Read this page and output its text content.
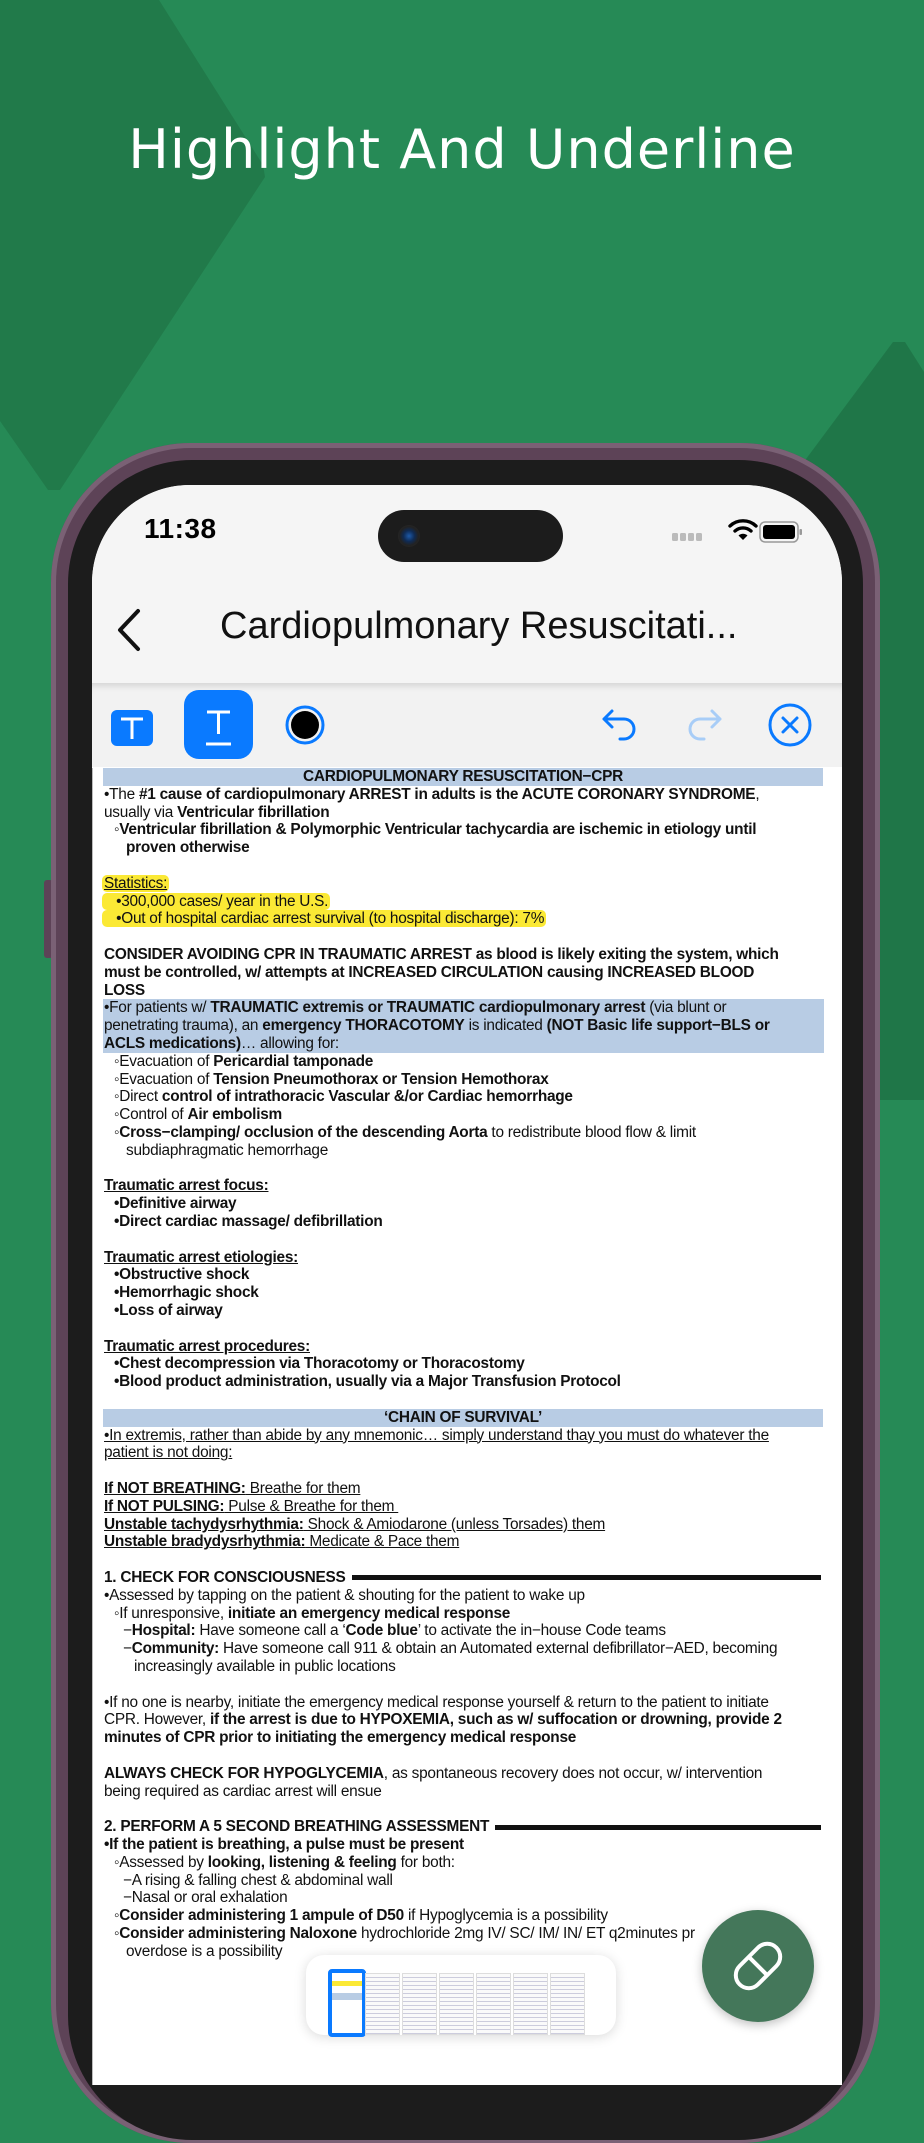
Highlight And Underline
11:38
Cardiopulmonary Resuscitati...
CARDIOPULMONARY RESUSCITATION−CPR
•The #1 cause of cardiopulmonary ARREST in adults is the ACUTE CORONARY SYNDROME,
usually via Ventricular fibrillation
◦Ventricular fibrillation & Polymorphic Ventricular tachycardia are ischemic in etiology until
proven otherwise
Statistics:
•300,000 cases/ year in the U.S.
•Out of hospital cardiac arrest survival (to hospital discharge): 7%
CONSIDER AVOIDING CPR IN TRAUMATIC ARREST as blood is likely exiting the system, which
must be controlled, w/ attempts at INCREASED CIRCULATION causing INCREASED BLOOD
LOSS
•For patients w/ TRAUMATIC extremis or TRAUMATIC cardiopulmonary arrest (via blunt or
penetrating trauma), an emergency THORACOTOMY is indicated (NOT Basic life support−BLS or
ACLS medications)… allowing for:
◦Evacuation of Pericardial tamponade
◦Evacuation of Tension Pneumothorax or Tension Hemothorax
◦Direct control of intrathoracic Vascular &/or Cardiac hemorrhage
◦Control of Air embolism
◦Cross−clamping/ occlusion of the descending Aorta to redistribute blood flow & limit
subdiaphragmatic hemorrhage
Traumatic arrest focus:
•Definitive airway
•Direct cardiac massage/ defibrillation
Traumatic arrest etiologies:
•Obstructive shock
•Hemorrhagic shock
•Loss of airway
Traumatic arrest procedures:
•Chest decompression via Thoracotomy or Thoracostomy
•Blood product administration, usually via a Major Transfusion Protocol
‘CHAIN OF SURVIVAL’
•In extremis, rather than abide by any mnemonic… simply understand thay you must do whatever the
patient is not doing:
If NOT BREATHING: Breathe for them
If NOT PULSING: Pulse & Breathe for them
Unstable tachydysrhythmia: Shock & Amiodarone (unless Torsades) them
Unstable bradydysrhythmia: Medicate & Pace them
1. CHECK FOR CONSCIOUSNESS
•Assessed by tapping on the patient & shouting for the patient to wake up
◦If unresponsive, initiate an emergency medical response
−Hospital: Have someone call a ‘Code blue’ to activate the in−house Code teams
−Community: Have someone call 911 & obtain an Automated external defibrillator−AED, becoming
increasingly available in public locations
•If no one is nearby, initiate the emergency medical response yourself & return to the patient to initiate
CPR. However, if the arrest is due to HYPOXEMIA, such as w/ suffocation or drowning, provide 2
minutes of CPR prior to initiating the emergency medical response
ALWAYS CHECK FOR HYPOGLYCEMIA, as spontaneous recovery does not occur, w/ intervention
being required as cardiac arrest will ensue
2. PERFORM A 5 SECOND BREATHING ASSESSMENT
•If the patient is breathing, a pulse must be present
◦Assessed by looking, listening & feeling for both:
−A rising & falling chest & abdominal wall
−Nasal or oral exhalation
◦Consider administering 1 ampule of D50 if Hypoglycemia is a possibility
◦Consider administering Naloxone hydrochloride 2mg IV/ SC/ IM/ IN/ ET q2minutes pr
overdose is a possibility
